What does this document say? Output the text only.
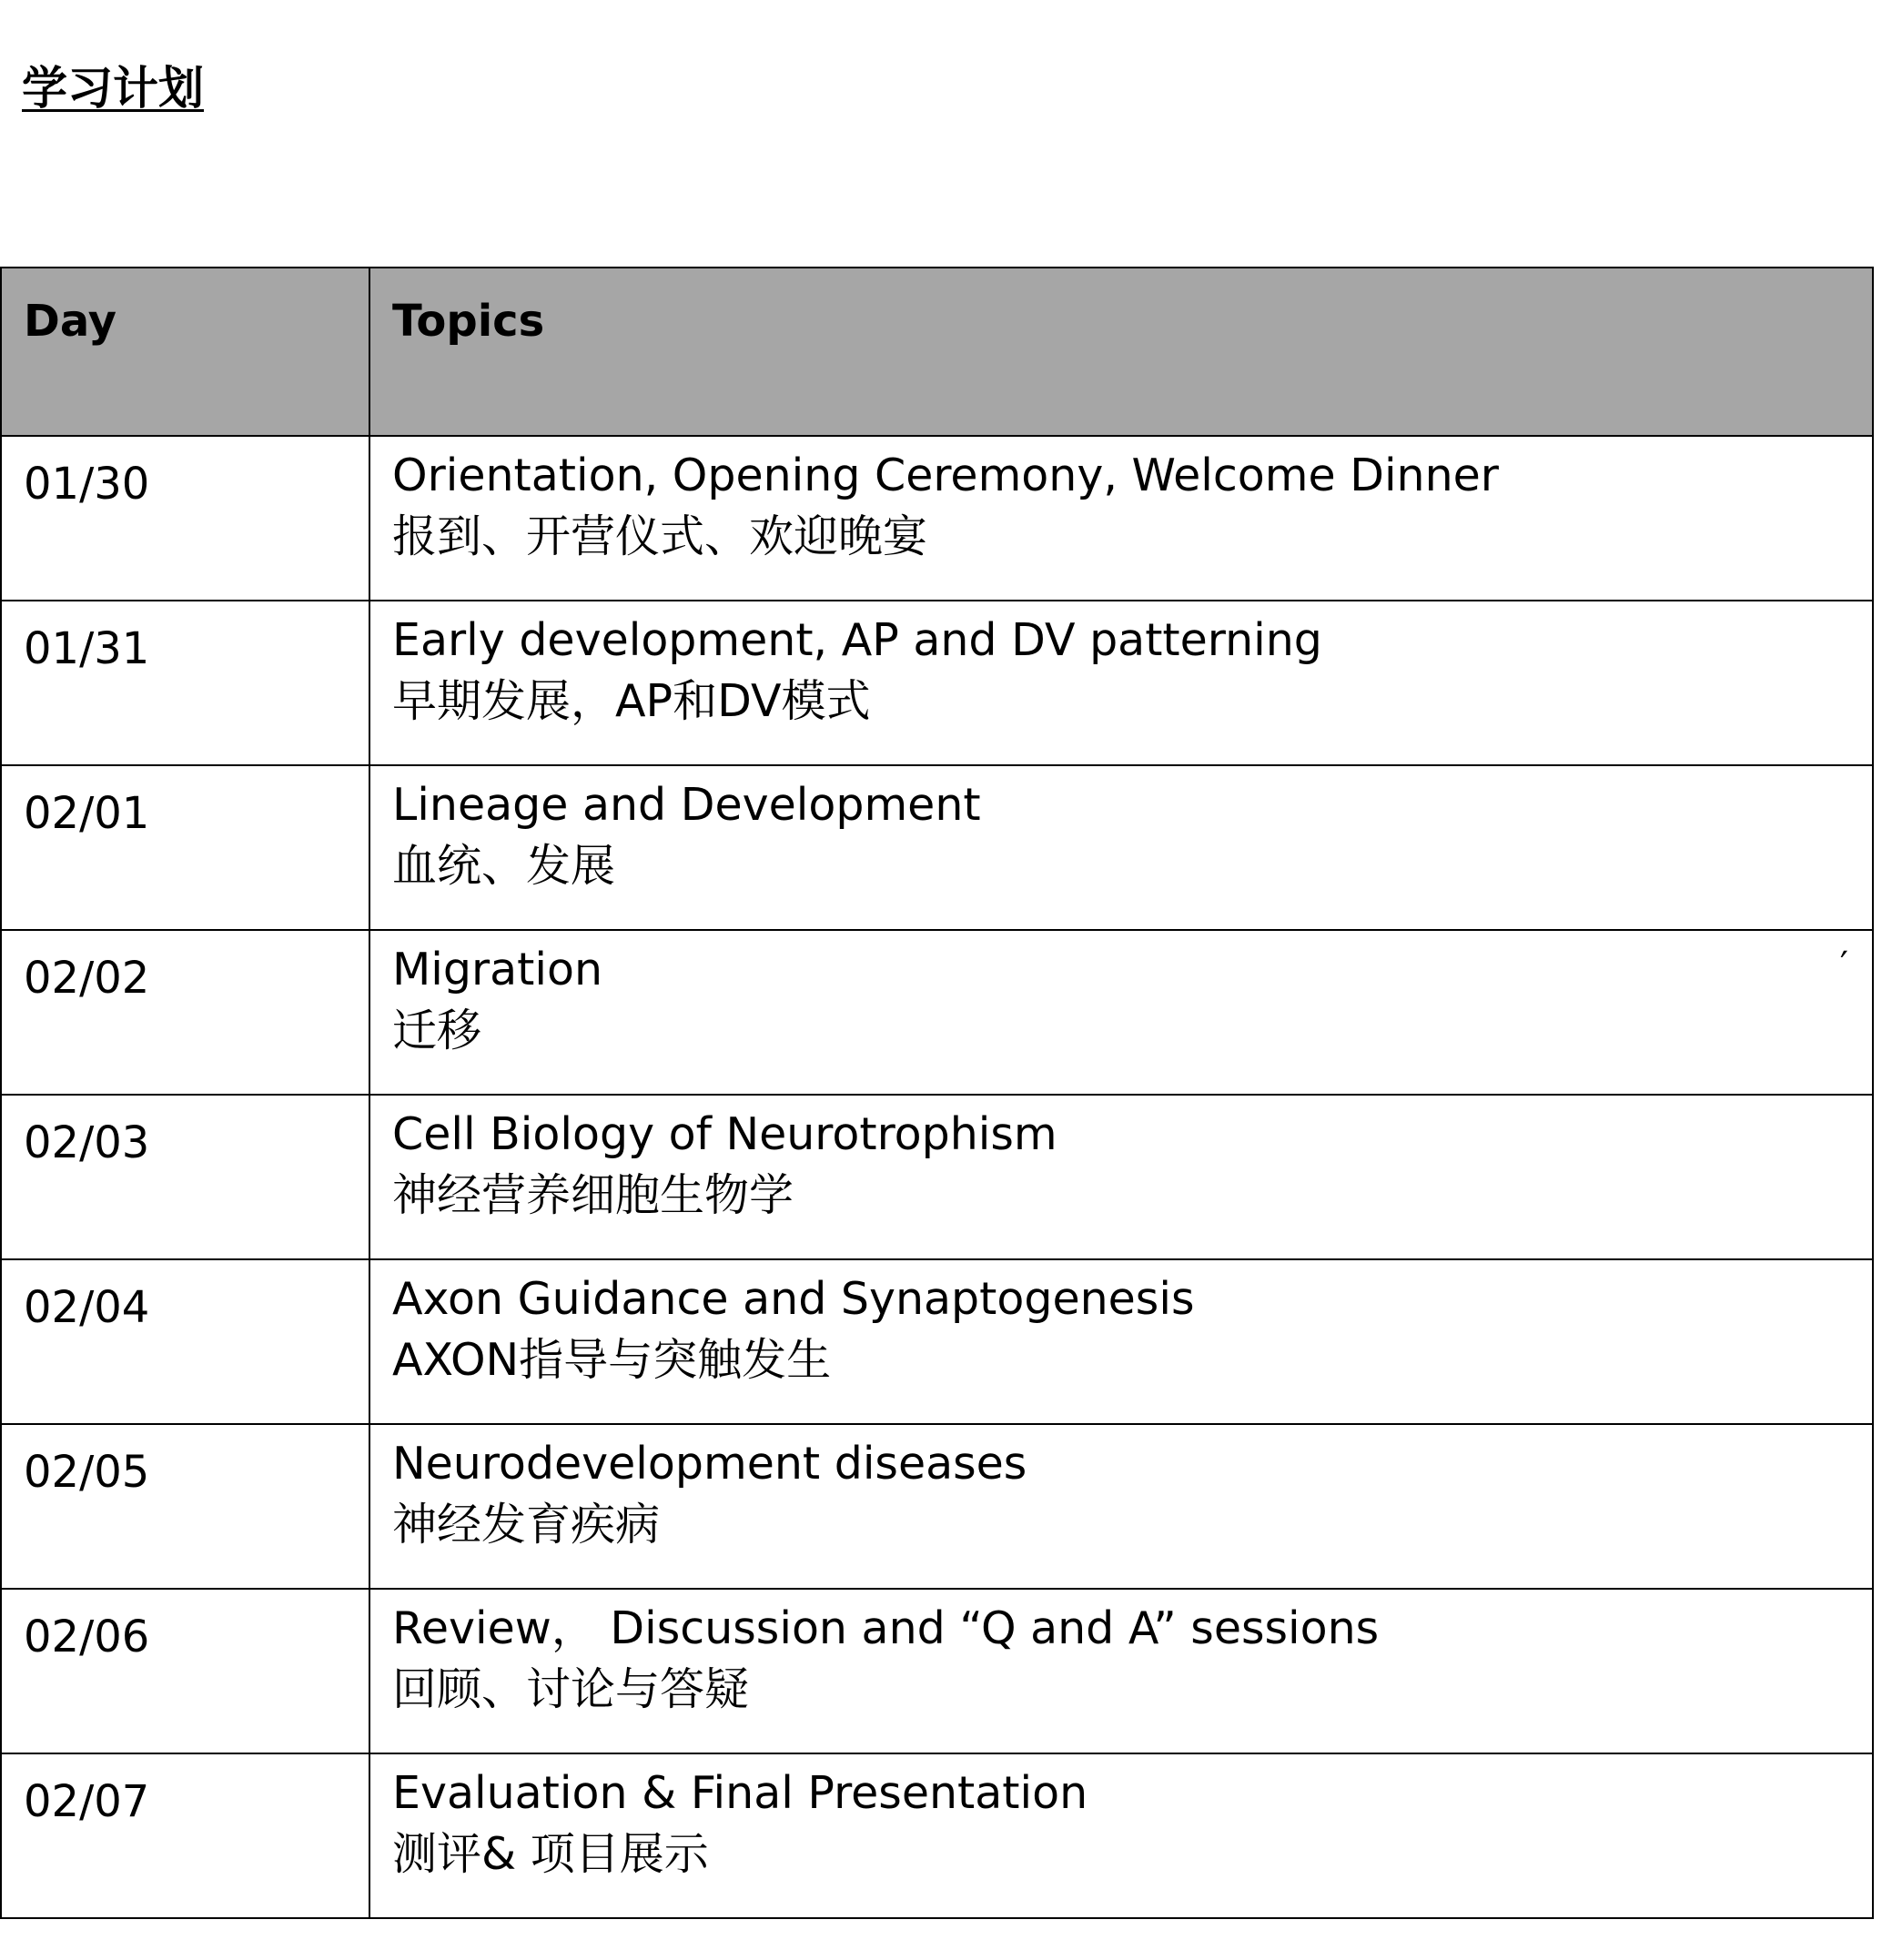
学习计划
Day	Topics
01/30	Orientation, Opening Ceremony, Welcome Dinner
报到、开营仪式、欢迎晚宴

01/31	Early development, AP and DV patterning
早期发展，AP和DV模式

02/01	Lineage and Development
血统、发展

02/02	Migration
迁移
′

02/03	Cell Biology of Neurotrophism
神经营养细胞生物学

02/04	Axon Guidance and Synaptogenesis
AXON指导与突触发生

02/05	Neurodevelopment diseases
神经发育疾病

02/06	Review， Discussion and “Q and A” sessions
回顾、讨论与答疑

02/07	Evaluation & Final Presentation
测评& 项目展示
